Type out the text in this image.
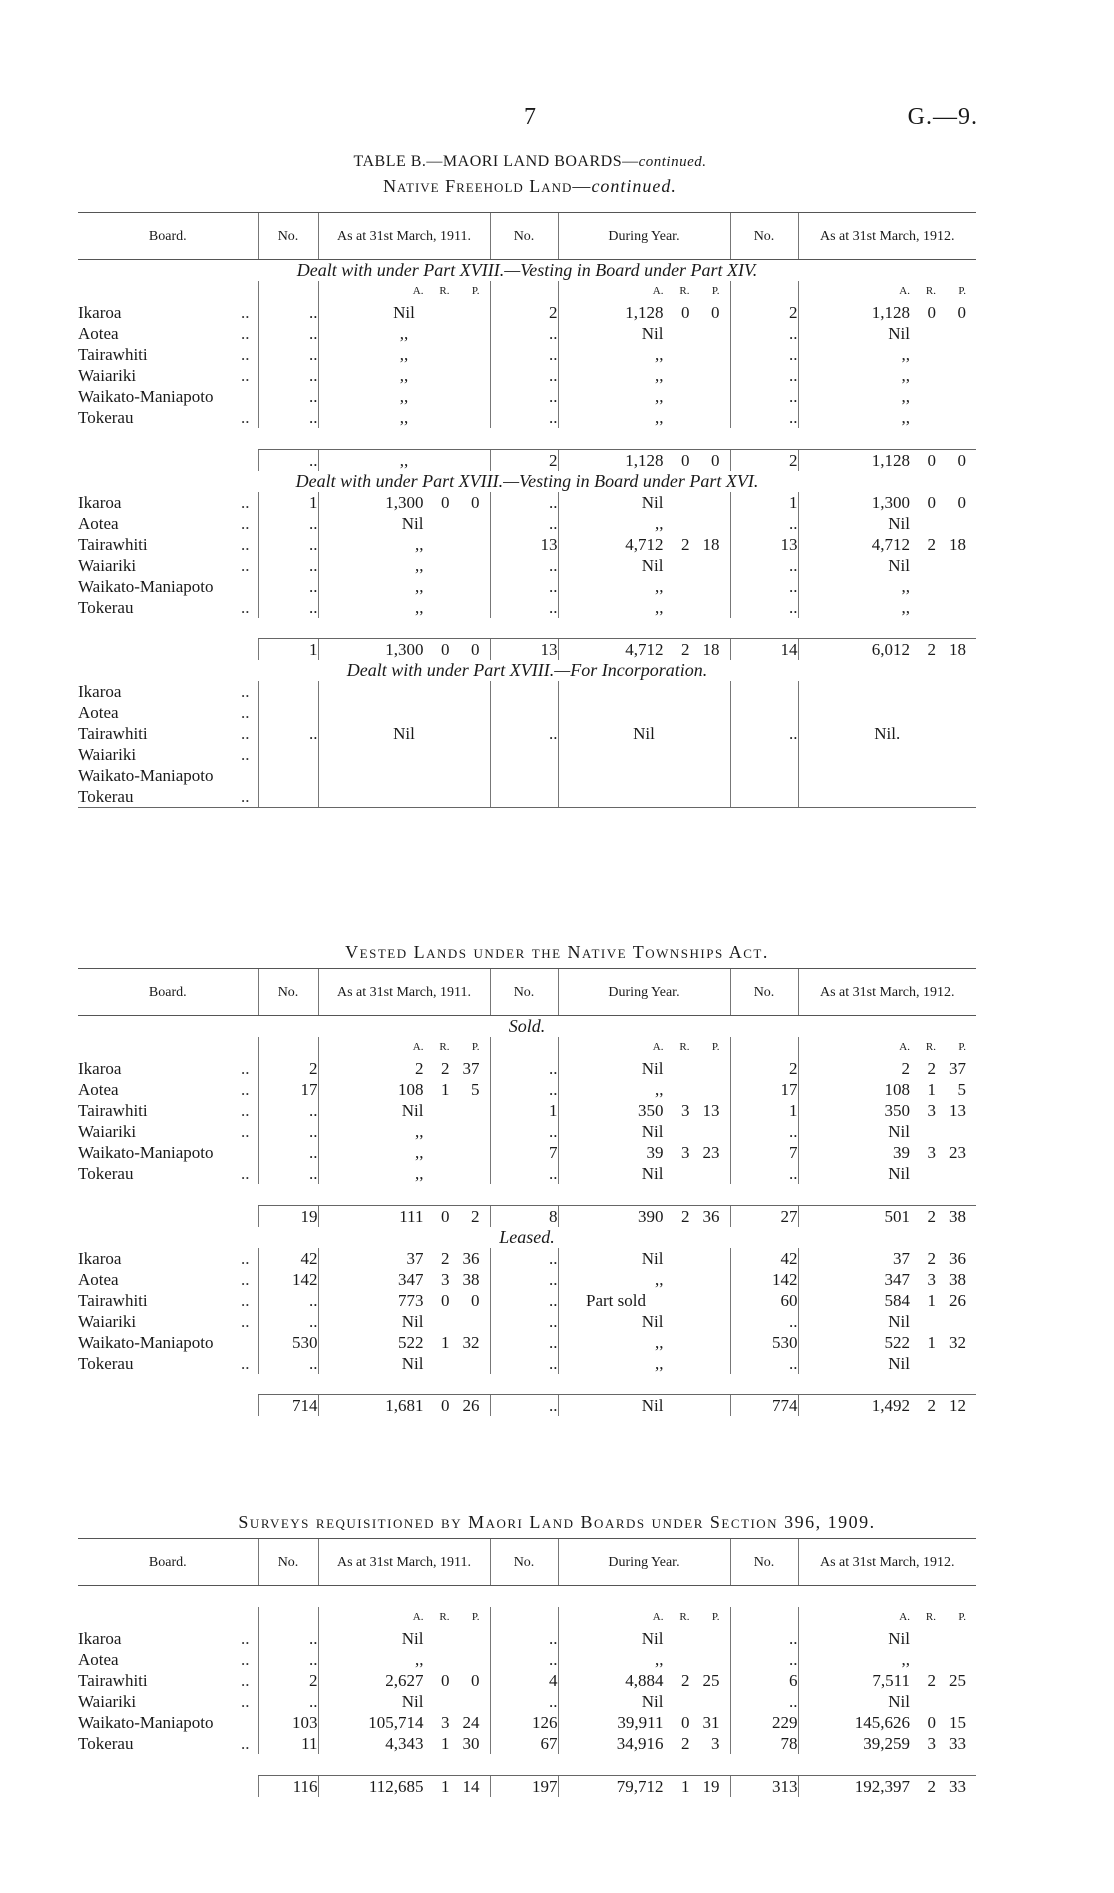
7	G.—9.
TABLE B.—MAORI LAND BOARDS—continued.
Native Freehold Land—continued.
Board.	No.	As at 31st March, 1911.	No.	During Year.	No.	As at 31st March, 1912.
Dealt with under Part XVIII.—Vesting in Board under Part XIV.						
		A. R. P.		A. R. P.		A. R. P.
Ikaroa ..	..	Nil	2	1,128 0 0	2	1,128 0 0
Aotea ..	..	,,	..	Nil	..	Nil
Tairawhiti ..	..	,,	..	,,	..	,,
Waiariki ..	..	,,	..	,,	..	,,
Waikato-Maniapoto	..	,,	..	,,	..	,,
Tokerau ..	..	,,	..	,,	..	,,

	..	,,	2	1,128 0 0	2	1,128 0 0
Dealt with under Part XVIII.—Vesting in Board under Part XVI.						
Ikaroa ..	1	1,300 0 0	..	Nil	1	1,300 0 0
Aotea ..	..	Nil	..	,,	..	Nil
Tairawhiti ..	..	,,	13	4,712 2 18	13	4,712 2 18
Waiariki ..	..	,,	..	Nil	..	Nil
Waikato-Maniapoto	..	,,	..	,,	..	,,
Tokerau ..	..	,,	..	,,	..	,,

	1	1,300 0 0	13	4,712 2 18	14	6,012 2 18
Dealt with under Part XVIII.—For Incorporation.						
Ikaroa ..						

Aotea ..						

Tairawhiti ..	..	Nil	..	Nil	..	Nil.
Waiariki ..						

Waikato-Maniapoto						
Tokerau ..						

Vested Lands under the Native Townships Act.
Board.	No.	As at 31st March, 1911.	No.	During Year.	No.	As at 31st March, 1912.
Sold.						
		A. R. P.		A. R. P.		A. R. P.
Ikaroa ..	2	2 2 37	..	Nil	2	2 2 37
Aotea ..	17	108 1 5	..	,,	17	108 1 5
Tairawhiti ..	..	Nil	1	350 3 13	1	350 3 13
Waiariki ..	..	,,	..	Nil	..	Nil
Waikato-Maniapoto	..	,,	7	39 3 23	7	39 3 23
Tokerau ..	..	,,	..	Nil	..	Nil

	19	111 0 2	8	390 2 36	27	501 2 38
Leased.						
Ikaroa ..	42	37 2 36	..	Nil	42	37 2 36
Aotea ..	142	347 3 38	..	,,	142	347 3 38
Tairawhiti ..	..	773 0 0	..	Part sold	60	584 1 26
Waiariki ..	..	Nil	..	Nil	..	Nil
Waikato-Maniapoto	530	522 1 32	..	,,	530	522 1 32
Tokerau ..	..	Nil	..	,,	..	Nil

	714	1,681 0 26	..	Nil	774	1,492 2 12
Surveys requisitioned by Maori Land Boards under Section 396, 1909.
Board.	No.	As at 31st March, 1911.	No.	During Year.	No.	As at 31st March, 1912.

		A. R. P.		A. R. P.		A. R. P.
Ikaroa ..	..	Nil	..	Nil	..	Nil
Aotea ..	..	,,	..	,,	..	,,
Tairawhiti ..	2	2,627 0 0	4	4,884 2 25	6	7,511 2 25
Waiariki ..	..	Nil	..	Nil	..	Nil
Waikato-Maniapoto	103	105,714 3 24	126	39,911 0 31	229	145,626 0 15
Tokerau ..	11	4,343 1 30	67	34,916 2 3	78	39,259 3 33

	116	112,685 1 14	197	79,712 1 19	313	192,397 2 33
